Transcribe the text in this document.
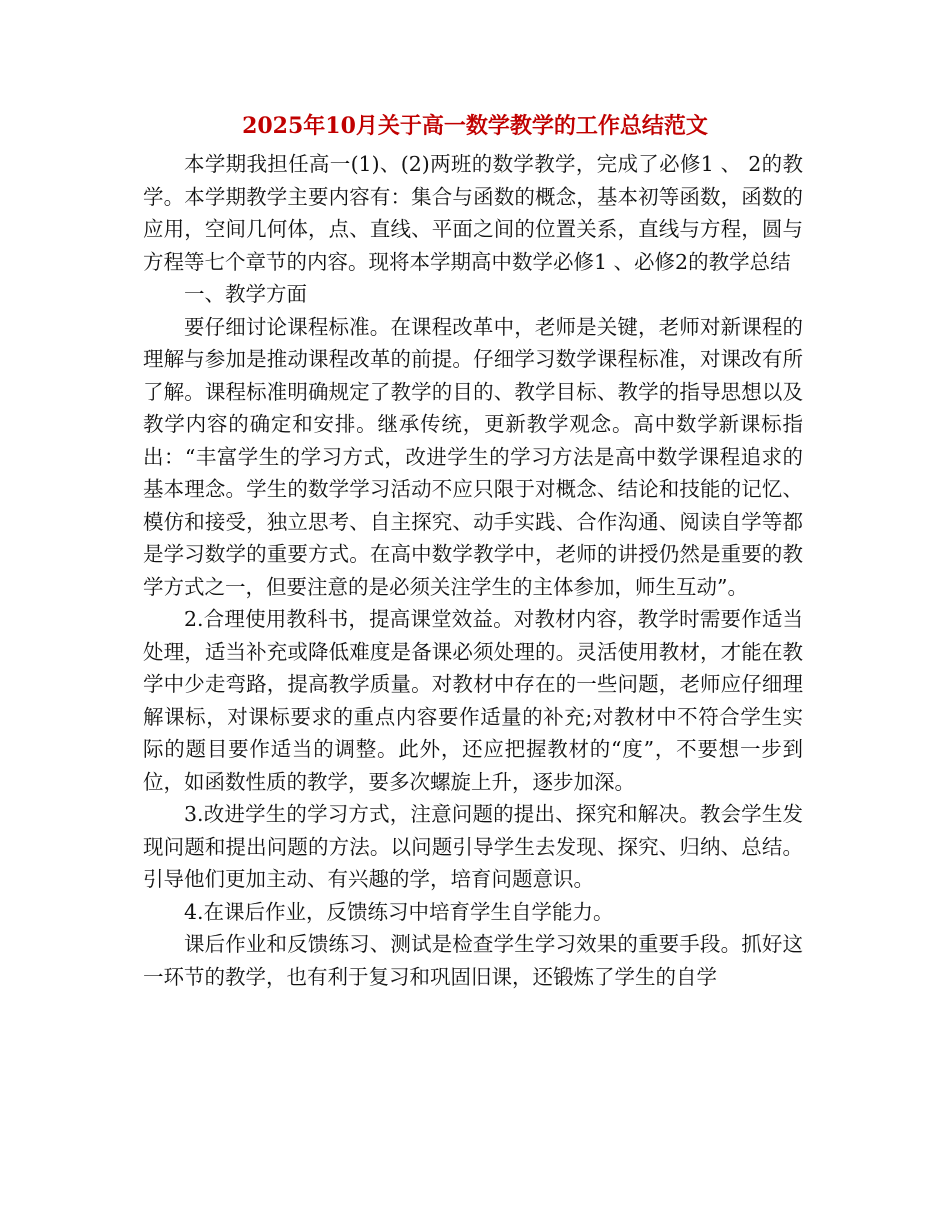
2025年10月关于高一数学教学的工作总结范文

本学期我担任高一(1)、(2)两班的数学教学，完成了必修1 、 2的教学。本学期教学主要内容有：集合与函数的概念，基本初等函数，函数的应用，空间几何体，点、直线、平面之间的位置关系，直线与方程，圆与方程等七个章节的内容。现将本学期高中数学必修1 、必修2的教学总结

一、教学方面

要仔细讨论课程标准。在课程改革中，老师是关键，老师对新课程的理解与参加是推动课程改革的前提。仔细学习数学课程标准，对课改有所了解。课程标准明确规定了教学的目的、教学目标、教学的指导思想以及教学内容的确定和安排。继承传统，更新教学观念。高中数学新课标指出：“丰富学生的学习方式，改进学生的学习方法是高中数学课程追求的基本理念。学生的数学学习活动不应只限于对概念、结论和技能的记忆、模仿和接受，独立思考、自主探究、动手实践、合作沟通、阅读自学等都是学习数学的重要方式。在高中数学教学中，老师的讲授仍然是重要的教学方式之一，但要注意的是必须关注学生的主体参加，师生互动”。

2.合理使用教科书，提高课堂效益。对教材内容，教学时需要作适当处理，适当补充或降低难度是备课必须处理的。灵活使用教材，才能在教学中少走弯路，提高教学质量。对教材中存在的一些问题，老师应仔细理解课标，对课标要求的重点内容要作适量的补充;对教材中不符合学生实际的题目要作适当的调整。此外，还应把握教材的“度”，不要想一步到位，如函数性质的教学，要多次螺旋上升，逐步加深。

3.改进学生的学习方式，注意问题的提出、探究和解决。教会学生发现问题和提出问题的方法。以问题引导学生去发现、探究、归纳、总结。引导他们更加主动、有兴趣的学，培育问题意识。

4.在课后作业，反馈练习中培育学生自学能力。

课后作业和反馈练习、测试是检查学生学习效果的重要手段。抓好这一环节的教学，也有利于复习和巩固旧课，还锻炼了学生的自学
